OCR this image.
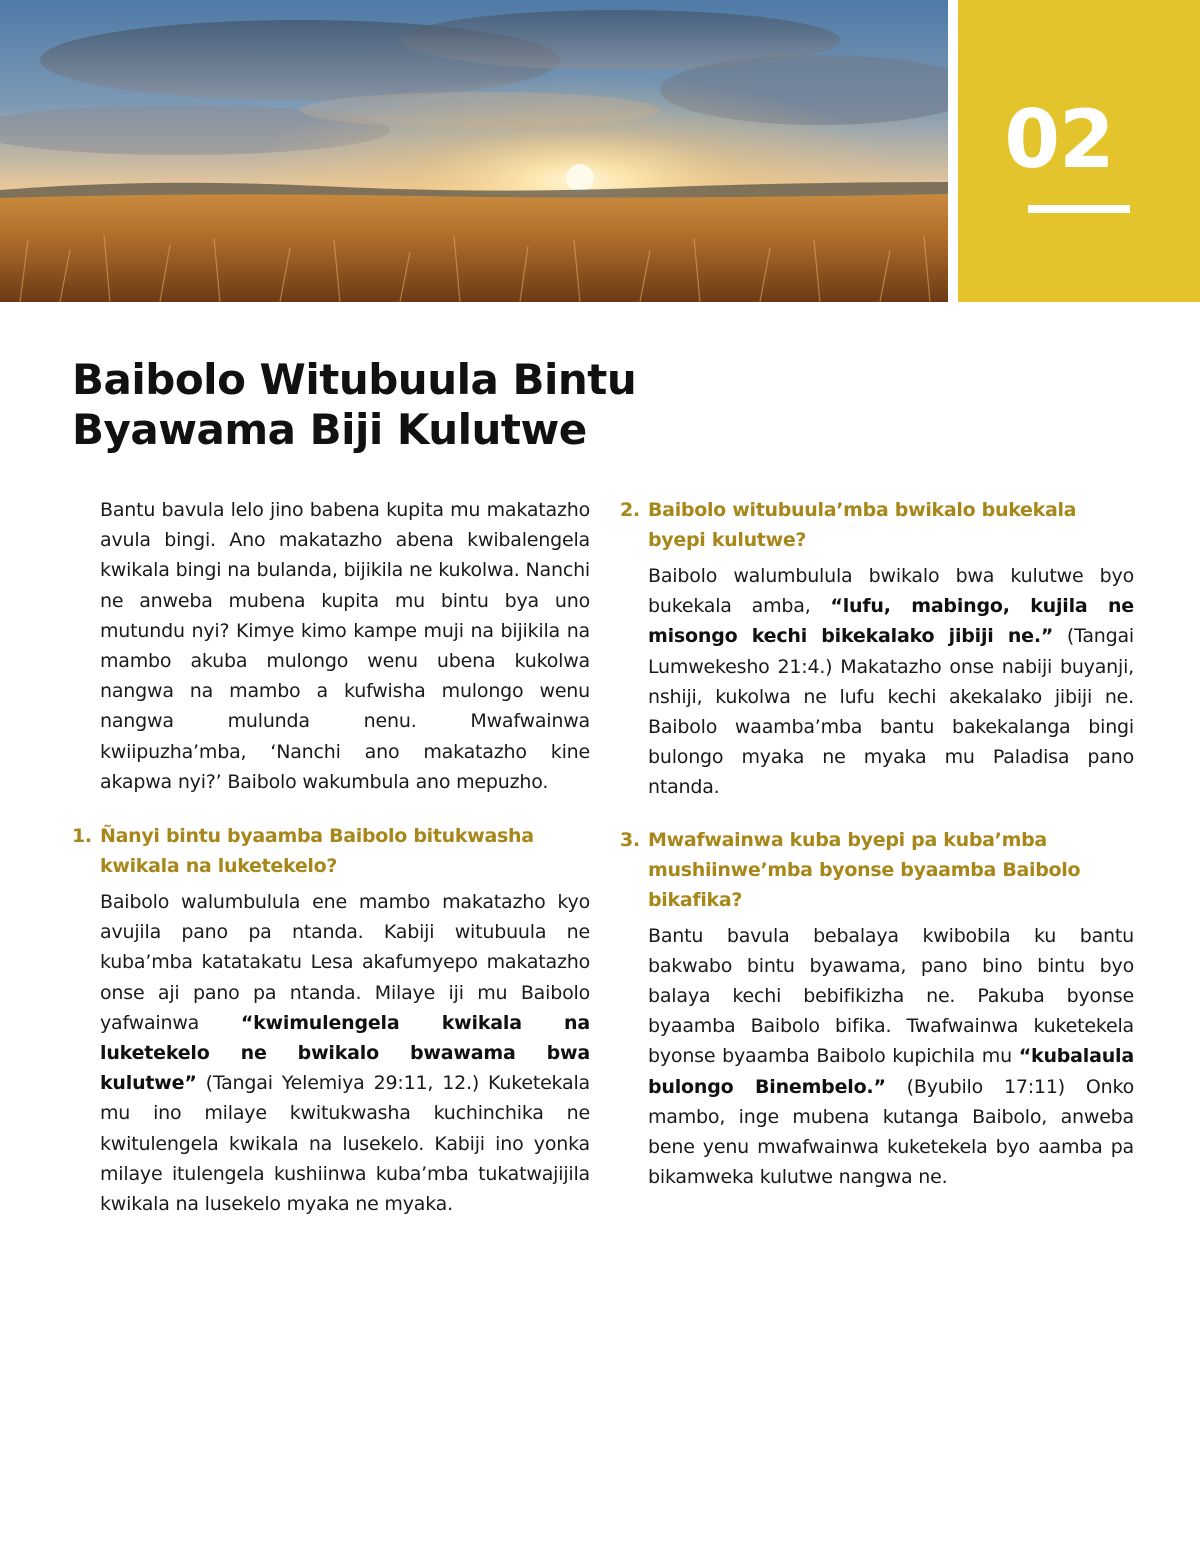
02
Baibolo Witubuula Bintu
Byawama Biji Kulutwe

Bantu bavula lelo jino babena kupita mu makatazho avula bingi. Ano makatazho abena kwibalengela kwikala bingi na bulanda, bijikila ne kukolwa. Nanchi ne anweba mubena kupita mu bintu bya uno mutundu nyi? Kimye kimo kampe muji na bijikila na mambo akuba mulongo wenu ubena kukolwa nangwa na mambo a kufwisha mulongo wenu nangwa mulunda nenu. Mwafwainwa kwiipuzha’mba, ‘Nanchi ano makatazho kine akapwa nyi?’ Baibolo wakumbula ano mepuzho.

1. Ñanyi bintu byaamba Baibolo bitukwasha kwikala na luketekelo?

Baibolo walumbulula ene mambo makatazho kyo avujila pano pa ntanda. Kabiji witubuula ne kuba’mba katatakatu Lesa akafumyepo makatazho onse aji pano pa ntanda. Milaye iji mu Baibolo yafwainwa “kwimulengela kwikala na luketekelo ne bwikalo bwawama bwa kulutwe” (Tangai Yelemiya 29:11, 12.) Kuketekala mu ino milaye kwitukwasha kuchinchika ne kwitulengela kwikala na lusekelo. Kabiji ino yonka milaye itulengela kushiinwa kuba’mba tukatwajijila kwikala na lusekelo myaka ne myaka.

2. Baibolo witubuula’mba bwikalo bukekala byepi kulutwe?

Baibolo walumbulula bwikalo bwa kulutwe byo bukekala amba, “lufu, mabingo, kujila ne misongo kechi bikekalako jibiji ne.” (Tangai Lumwekesho 21:4.) Makatazho onse nabiji buyanji, nshiji, kukolwa ne lufu kechi akekalako jibiji ne. Baibolo waamba’mba bantu bakekalanga bingi bulongo myaka ne myaka mu Paladisa pano ntanda.

3. Mwafwainwa kuba byepi pa kuba’mba mushiinwe’mba byonse byaamba Baibolo bikafika?

Bantu bavula bebalaya kwibobila ku bantu bakwabo bintu byawama, pano bino bintu byo balaya kechi bebifikizha ne. Pakuba byonse byaamba Baibolo bifika. Twafwainwa kuketekela byonse byaamba Baibolo kupichila mu “kubalaula bulongo Binembelo.” (Byubilo 17:11) Onko mambo, inge mubena kutanga Baibolo, anweba bene yenu mwafwainwa kuketekela byo aamba pa bikamweka kulutwe nangwa ne.
